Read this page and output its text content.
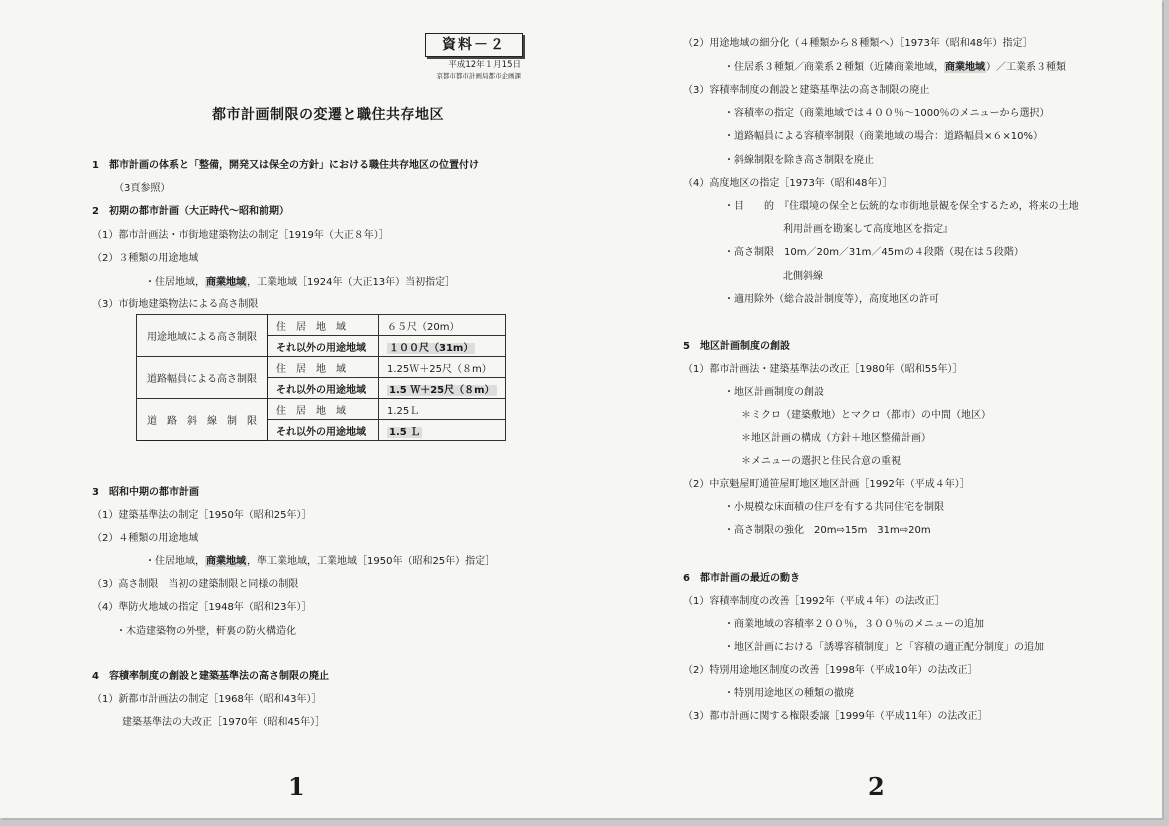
資料－２
平成12年１月15日
京都市都市計画局都市企画課
都市計画制限の変遷と職住共存地区
1　都市計画の体系と「整備，開発又は保全の方針」における職住共存地区の位置付け
（3頁参照）
2　初期の都市計画（大正時代～昭和前期）
（1）都市計画法・市街地建築物法の制定［1919年（大正８年）］
（2）３種類の用途地域
・住居地域，商業地域，工業地域［1924年（大正13年）当初指定］
（3）市街地建築物法による高さ制限
用途地域による高さ制限	住　居　地　域	６５尺（20m）
	それ以外の用途地域	１００尺（31m）
道路幅員による高さ制限	住　居　地　域	1.25Ｗ＋25尺（８m）
	それ以外の用途地域	1.5 Ｗ＋25尺（８m）
道　路　斜　線　制　限	住　居　地　域	1.25Ｌ
	それ以外の用途地域	1.5 Ｌ
3　昭和中期の都市計画
（1）建築基準法の制定［1950年（昭和25年）］
（2）４種類の用途地域
・住居地域，商業地域，準工業地域，工業地域［1950年（昭和25年）指定］
（3）高さ制限　当初の建築制限と同様の制限
（4）準防火地域の指定［1948年（昭和23年）］
・木造建築物の外壁，軒裏の防火構造化
4　容積率制度の創設と建築基準法の高さ制限の廃止
（1）新都市計画法の制定［1968年（昭和43年）］
建築基準法の大改正［1970年（昭和45年）］
1
（2）用途地域の細分化（４種類から８種類へ）［1973年（昭和48年）指定］
・住居系３種類／商業系２種類（近隣商業地域，商業地域）／工業系３種類
（3）容積率制度の創設と建築基準法の高さ制限の廃止
・容積率の指定（商業地域では４００％～1000％のメニューから選択）
・道路幅員による容積率制限（商業地域の場合：道路幅員×６×10%）
・斜線制限を除き高さ制限を廃止
（4）高度地区の指定［1973年（昭和48年）］
・目　　的　『住環境の保全と伝統的な市街地景観を保全するため，将来の土地
利用計画を勘案して高度地区を指定』
・高さ制限　10m／20m／31m／45mの４段階（現在は５段階）
北側斜線
・適用除外（総合設計制度等），高度地区の許可
5　地区計画制度の創設
（1）都市計画法・建築基準法の改正［1980年（昭和55年）］
・地区計画制度の創設
＊ミクロ（建築敷地）とマクロ（都市）の中間（地区）
＊地区計画の構成（方針＋地区整備計画）
＊メニューの選択と住民合意の重視
（2）中京魁屋町通笹屋町地区地区計画［1992年（平成４年）］
・小規模な床面積の住戸を有する共同住宅を制限
・高さ制限の強化　20m⇨15m　31m⇨20m
6　都市計画の最近の動き
（1）容積率制度の改善［1992年（平成４年）の法改正］
・商業地域の容積率２００％，３００％のメニューの追加
・地区計画における「誘導容積制度」と「容積の適正配分制度」の追加
（2）特別用途地区制度の改善［1998年（平成10年）の法改正］
・特別用途地区の種類の撤廃
（3）都市計画に関する権限委譲［1999年（平成11年）の法改正］
2
